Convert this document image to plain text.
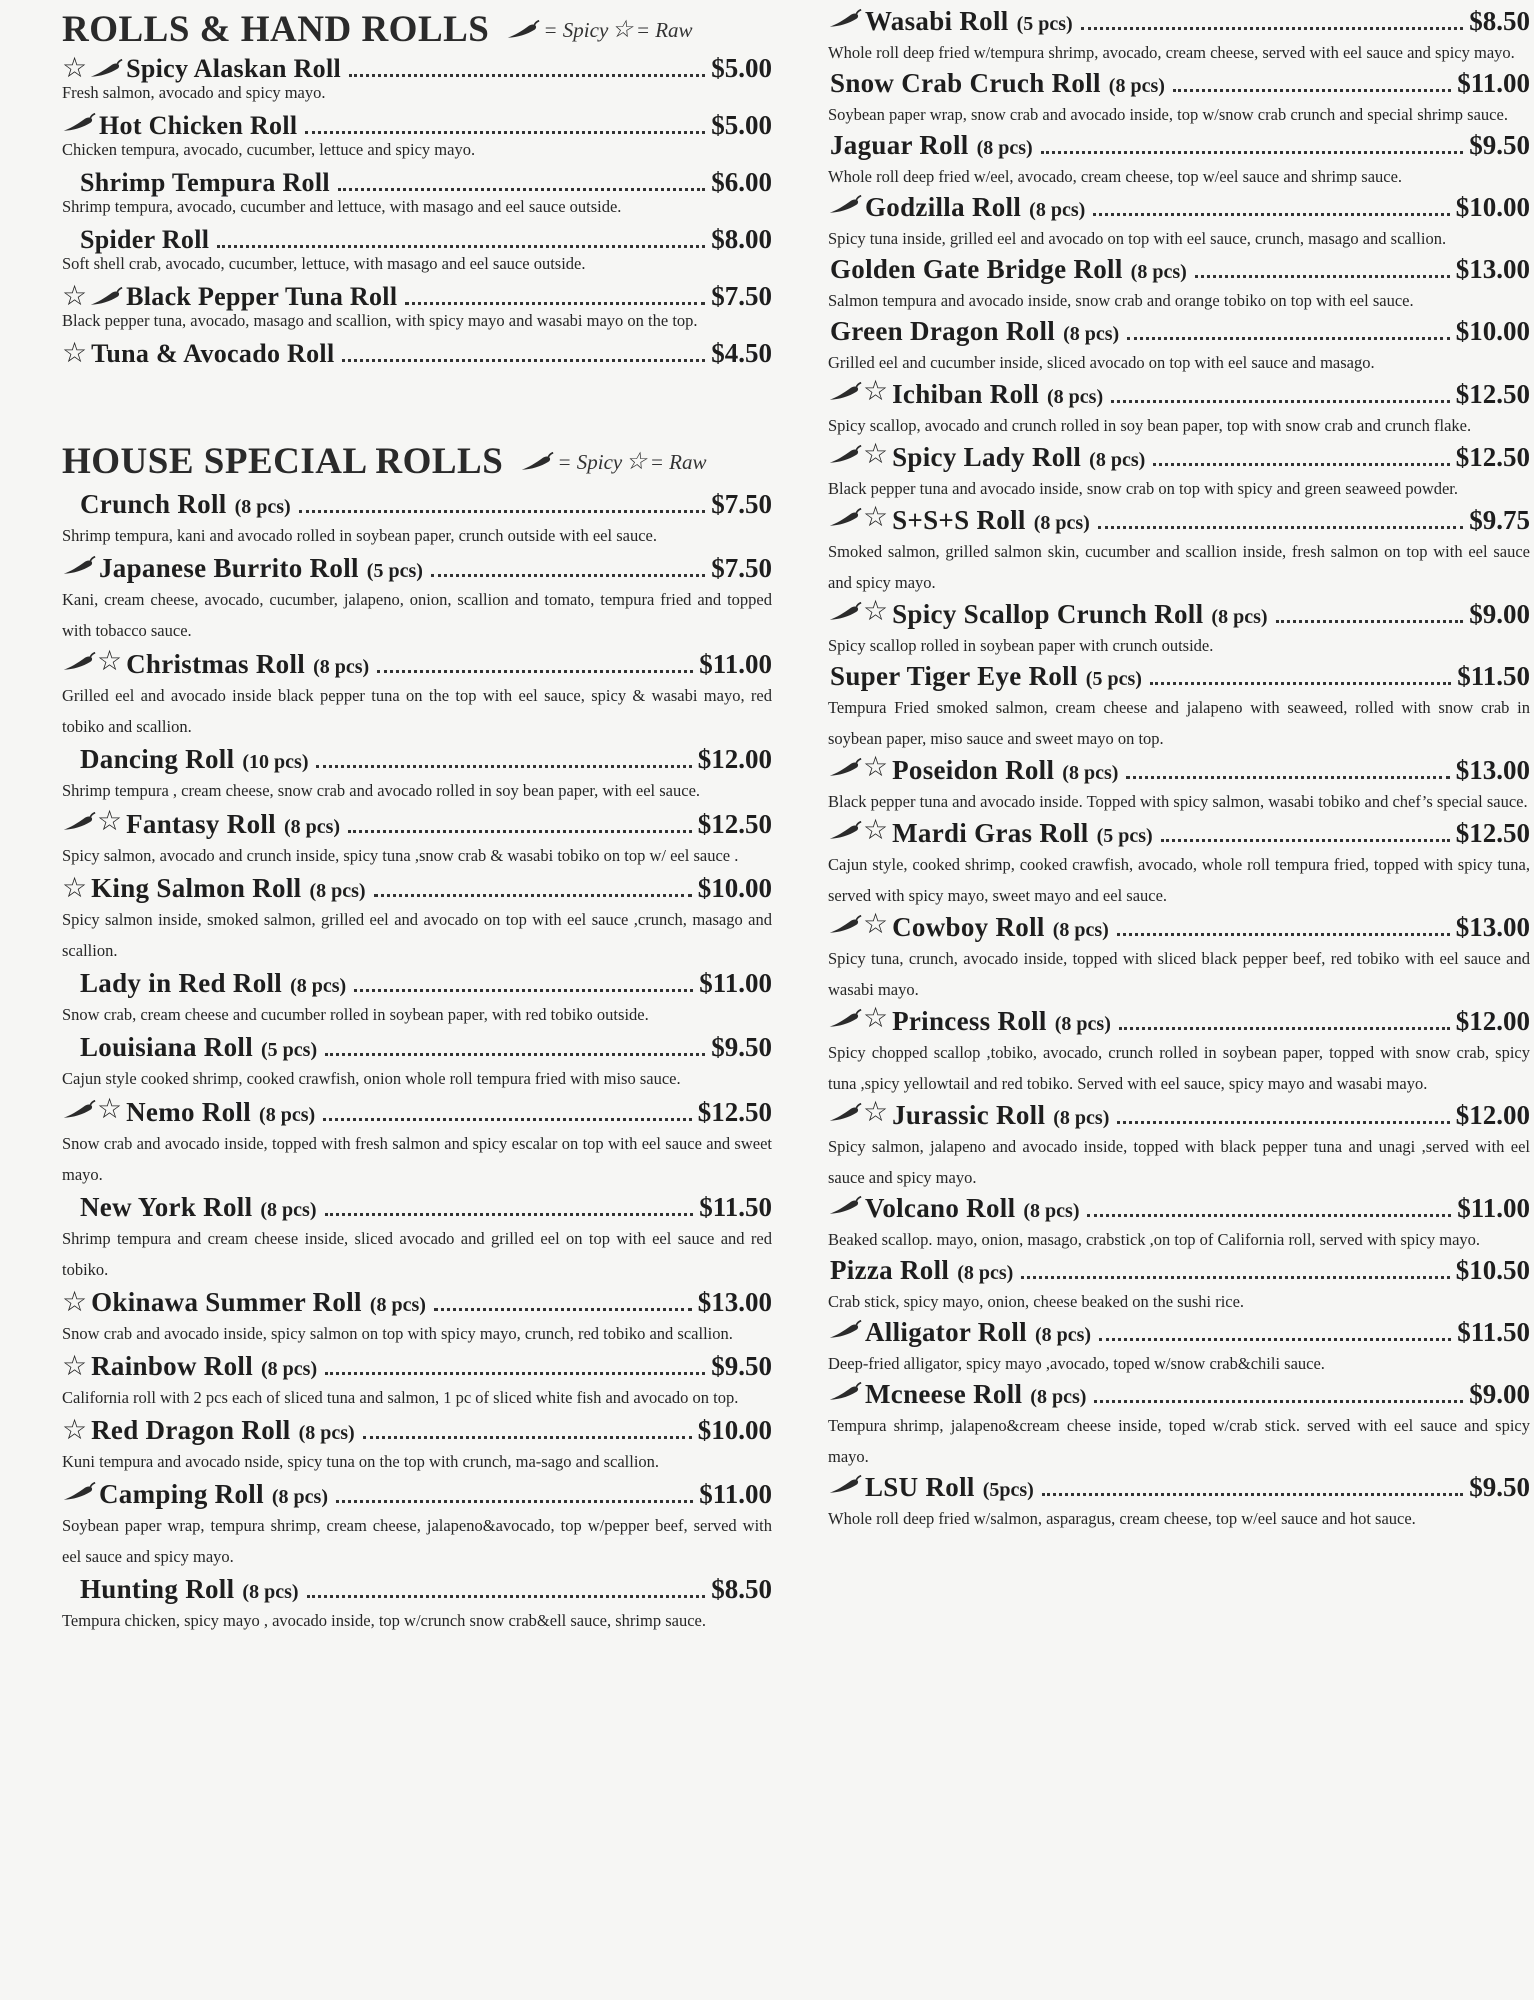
ROLLS & HAND ROLLS	= Spicy ☆ = Raw
☆ Spicy Alaskan Roll	$5.00
Fresh salmon, avocado and spicy mayo.
Hot Chicken Roll	$5.00
Chicken tempura, avocado, cucumber, lettuce and spicy mayo.
Shrimp Tempura Roll	$6.00
Shrimp tempura, avocado, cucumber and lettuce, with masago and eel sauce outside.
Spider Roll	$8.00
Soft shell crab, avocado, cucumber, lettuce, with masago and eel sauce outside.
☆ Black Pepper Tuna Roll	$7.50
Black pepper tuna, avocado, masago and scallion, with spicy mayo and wasabi mayo on the top.
☆ Tuna & Avocado Roll	$4.50
HOUSE SPECIAL ROLLS	= Spicy ☆ = Raw
Crunch Roll (8 pcs)	$7.50
Shrimp tempura, kani and avocado rolled in soybean paper, crunch outside with eel sauce.
Japanese Burrito Roll (5 pcs)	$7.50
Kani, cream cheese, avocado, cucumber, jalapeno, onion, scallion and tomato, tempura fried and topped with tobacco sauce.
☆ Christmas Roll (8 pcs)	$11.00
Grilled eel and avocado inside black pepper tuna on the top with eel sauce, spicy & wasabi mayo, red tobiko and scallion.
Dancing Roll (10 pcs)	$12.00
Shrimp tempura , cream cheese, snow crab and avocado rolled in soy bean paper, with eel sauce.
☆ Fantasy Roll (8 pcs)	$12.50
Spicy salmon, avocado and crunch inside, spicy tuna ,snow crab & wasabi tobiko on top w/ eel sauce .
☆ King Salmon Roll (8 pcs)	$10.00
Spicy salmon inside, smoked salmon, grilled eel and avocado on top with eel sauce ,crunch, masago and scallion.
Lady in Red Roll (8 pcs)	$11.00
Snow crab, cream cheese and cucumber rolled in soybean paper, with red tobiko outside.
Louisiana Roll (5 pcs)	$9.50
Cajun style cooked shrimp, cooked crawfish, onion whole roll tempura fried with miso sauce.
☆ Nemo Roll (8 pcs)	$12.50
Snow crab and avocado inside, topped with fresh salmon and spicy escalar on top with eel sauce and sweet mayo.
New York Roll (8 pcs)	$11.50
Shrimp tempura and cream cheese inside, sliced avocado and grilled eel on top with eel sauce and red tobiko.
☆ Okinawa Summer Roll (8 pcs)	$13.00
Snow crab and avocado inside, spicy salmon on top with spicy mayo, crunch, red tobiko and scallion.
☆ Rainbow Roll (8 pcs)	$9.50
California roll with 2 pcs each of sliced tuna and salmon, 1 pc of sliced white fish and avocado on top.
☆ Red Dragon Roll (8 pcs)	$10.00
Kuni tempura and avocado nside, spicy tuna on the top with crunch, ma-sago and scallion.
Camping Roll (8 pcs)	$11.00
Soybean paper wrap, tempura shrimp, cream cheese, jalapeno&avocado, top w/pepper beef, served with eel sauce and spicy mayo.
Hunting Roll (8 pcs)	$8.50
Tempura chicken, spicy mayo , avocado inside, top w/crunch snow crab&ell sauce, shrimp sauce.
Wasabi Roll (5 pcs)	$8.50
Whole roll deep fried w/tempura shrimp, avocado, cream cheese, served with eel sauce and spicy mayo.
Snow Crab Cruch Roll (8 pcs)	$11.00
Soybean paper wrap, snow crab and avocado inside, top w/snow crab crunch and special shrimp sauce.
Jaguar Roll (8 pcs)	$9.50
Whole roll deep fried w/eel, avocado, cream cheese, top w/eel sauce and shrimp sauce.
Godzilla Roll (8 pcs)	$10.00
Spicy tuna inside, grilled eel and avocado on top with eel sauce, crunch, masago and scallion.
Golden Gate Bridge Roll (8 pcs)	$13.00
Salmon tempura and avocado inside, snow crab and orange tobiko on top with eel sauce.
Green Dragon Roll (8 pcs)	$10.00
Grilled eel and cucumber inside, sliced avocado on top with eel sauce and masago.
☆ Ichiban Roll (8 pcs)	$12.50
Spicy scallop, avocado and crunch rolled in soy bean paper, top with snow crab and crunch flake.
☆ Spicy Lady Roll (8 pcs)	$12.50
Black pepper tuna and avocado inside, snow crab on top with spicy and green seaweed powder.
☆ S+S+S Roll (8 pcs)	$9.75
Smoked salmon, grilled salmon skin, cucumber and scallion inside, fresh salmon on top with eel sauce and spicy mayo.
☆ Spicy Scallop Crunch Roll (8 pcs)	$9.00
Spicy scallop rolled in soybean paper with crunch outside.
Super Tiger Eye Roll (5 pcs)	$11.50
Tempura Fried smoked salmon, cream cheese and jalapeno with seaweed, rolled with snow crab in soybean paper, miso sauce and sweet mayo on top.
☆ Poseidon Roll (8 pcs)	$13.00
Black pepper tuna and avocado inside. Topped with spicy salmon, wasabi tobiko and chef’s special sauce.
☆ Mardi Gras Roll (5 pcs)	$12.50
Cajun style, cooked shrimp, cooked crawfish, avocado, whole roll tempura fried, topped with spicy tuna, served with spicy mayo, sweet mayo and eel sauce.
☆ Cowboy Roll (8 pcs)	$13.00
Spicy tuna, crunch, avocado inside, topped with sliced black pepper beef, red tobiko with eel sauce and wasabi mayo.
☆ Princess Roll (8 pcs)	$12.00
Spicy chopped scallop ,tobiko, avocado, crunch rolled in soybean paper, topped with snow crab, spicy tuna ,spicy yellowtail and red tobiko. Served with eel sauce, spicy mayo and wasabi mayo.
☆ Jurassic Roll (8 pcs)	$12.00
Spicy salmon, jalapeno and avocado inside, topped with black pepper tuna and unagi ,served with eel sauce and spicy mayo.
Volcano Roll (8 pcs)	$11.00
Beaked scallop. mayo, onion, masago, crabstick ,on top of California roll, served with spicy mayo.
Pizza Roll (8 pcs)	$10.50
Crab stick, spicy mayo, onion, cheese beaked on the sushi rice.
Alligator Roll (8 pcs)	$11.50
Deep-fried alligator, spicy mayo ,avocado, toped w/snow crab&chili sauce.
Mcneese Roll (8 pcs)	$9.00
Tempura shrimp, jalapeno&cream cheese inside, toped w/crab stick. served with eel sauce and spicy mayo.
LSU Roll (5pcs)	$9.50
Whole roll deep fried w/salmon, asparagus, cream cheese, top w/eel sauce and hot sauce.
